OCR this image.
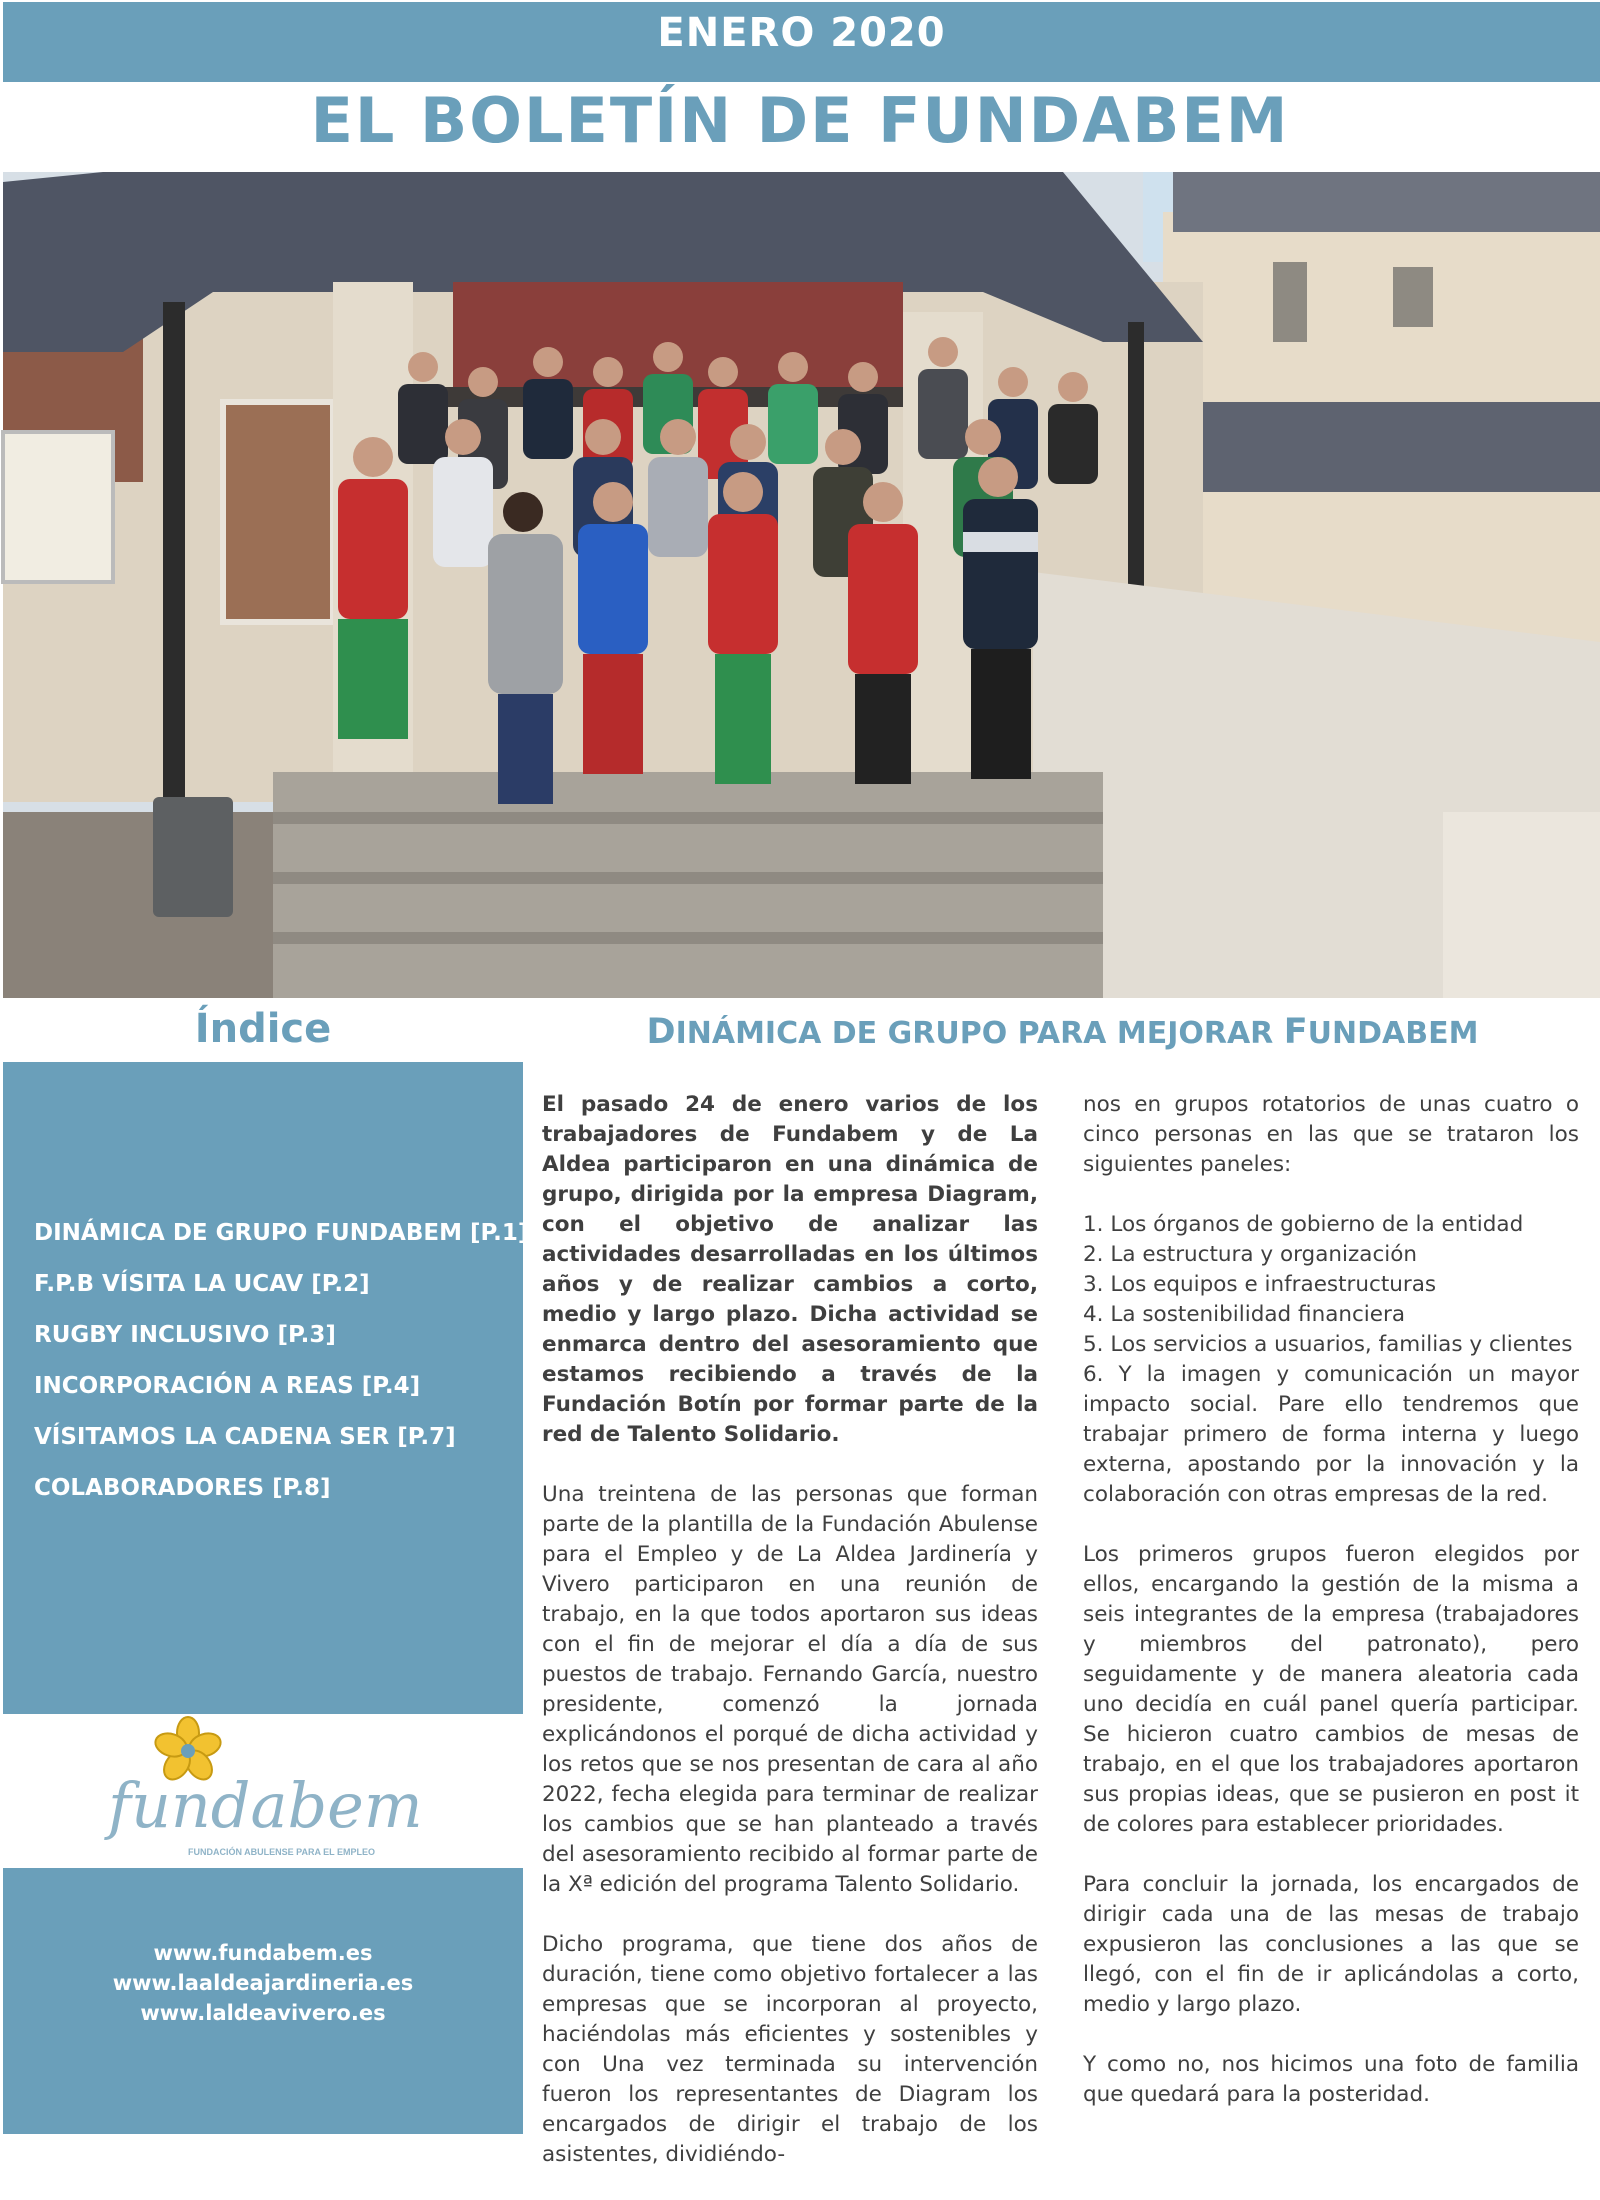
ENERO 2020
EL BOLETÍN DE FUNDABEM
Índice
DINÁMICA DE GRUPO FUNDABEM [P.1]
F.P.B VÍSITA LA UCAV [P.2]
RUGBY INCLUSIVO [P.3]
INCORPORACIÓN A REAS [P.4]
VÍSITAMOS LA CADENA SER [P.7]
COLABORADORES [P.8]
fundabem
FUNDACIÓN ABULENSE PARA EL EMPLEO
www.fundabem.es
www.laaldeajardineria.es
www.laldeavivero.es
DINÁMICA DE GRUPO PARA MEJORAR FUNDABEM

El pasado 24 de enero varios de los trabajadores de Fundabem y de La Aldea participaron en una dinámica de grupo, dirigida por la empresa Diagram, con el objetivo de analizar las actividades desarrolladas en los últimos años y de realizar cambios a corto, medio y largo plazo. Dicha actividad se enmarca dentro del asesoramiento que estamos recibiendo a través de la Fundación Botín por formar parte de la red de Talento Solidario.

Una treintena de las personas que forman parte de la plantilla de la Fundación Abulense para el Empleo y de La Aldea Jardinería y Vivero participaron en una reunión de trabajo, en la que todos aportaron sus ideas con el fin de mejorar el día a día de sus puestos de trabajo. Fernando García, nuestro presidente, comenzó la jornada explicándonos el porqué de dicha actividad y los retos que se nos presentan de cara al año 2022, fecha elegida para terminar de realizar los cambios que se han planteado a través del asesoramiento recibido al formar parte de la Xª edición del programa Talento Solidario.

Dicho programa, que tiene dos años de duración, tiene como objetivo fortalecer a las empresas que se incorporan al proyecto, haciéndolas más eficientes y sostenibles y con Una vez terminada su intervención fueron los representantes de Diagram los encargados de dirigir el trabajo de los asistentes, dividiéndo-

nos en grupos rotatorios de unas cuatro o cinco personas en las que se trataron los siguientes paneles:

1. Los órganos de gobierno de la entidad
2. La estructura y organización
3. Los equipos e infraestructuras
4. La sostenibilidad financiera
5. Los servicios a usuarios, familias y clientes

6. Y la imagen y comunicación un mayor impacto social. Pare ello tendremos que trabajar primero de forma interna y luego externa, apostando por la innovación y la colaboración con otras empresas de la red.

Los primeros grupos fueron elegidos por ellos, encargando la gestión de la misma a seis integrantes de la empresa (trabajadores y miembros del patronato), pero seguidamente y de manera aleatoria cada uno decidía en cuál panel quería participar. Se hicieron cuatro cambios de mesas de trabajo, en el que los trabajadores aportaron sus propias ideas, que se pusieron en post it de colores para establecer prioridades.

Para concluir la jornada, los encargados de dirigir cada una de las mesas de trabajo expusieron las conclusiones a las que se llegó, con el fin de ir aplicándolas a corto, medio y largo plazo.

Y como no, nos hicimos una foto de familia que quedará para la posteridad.
